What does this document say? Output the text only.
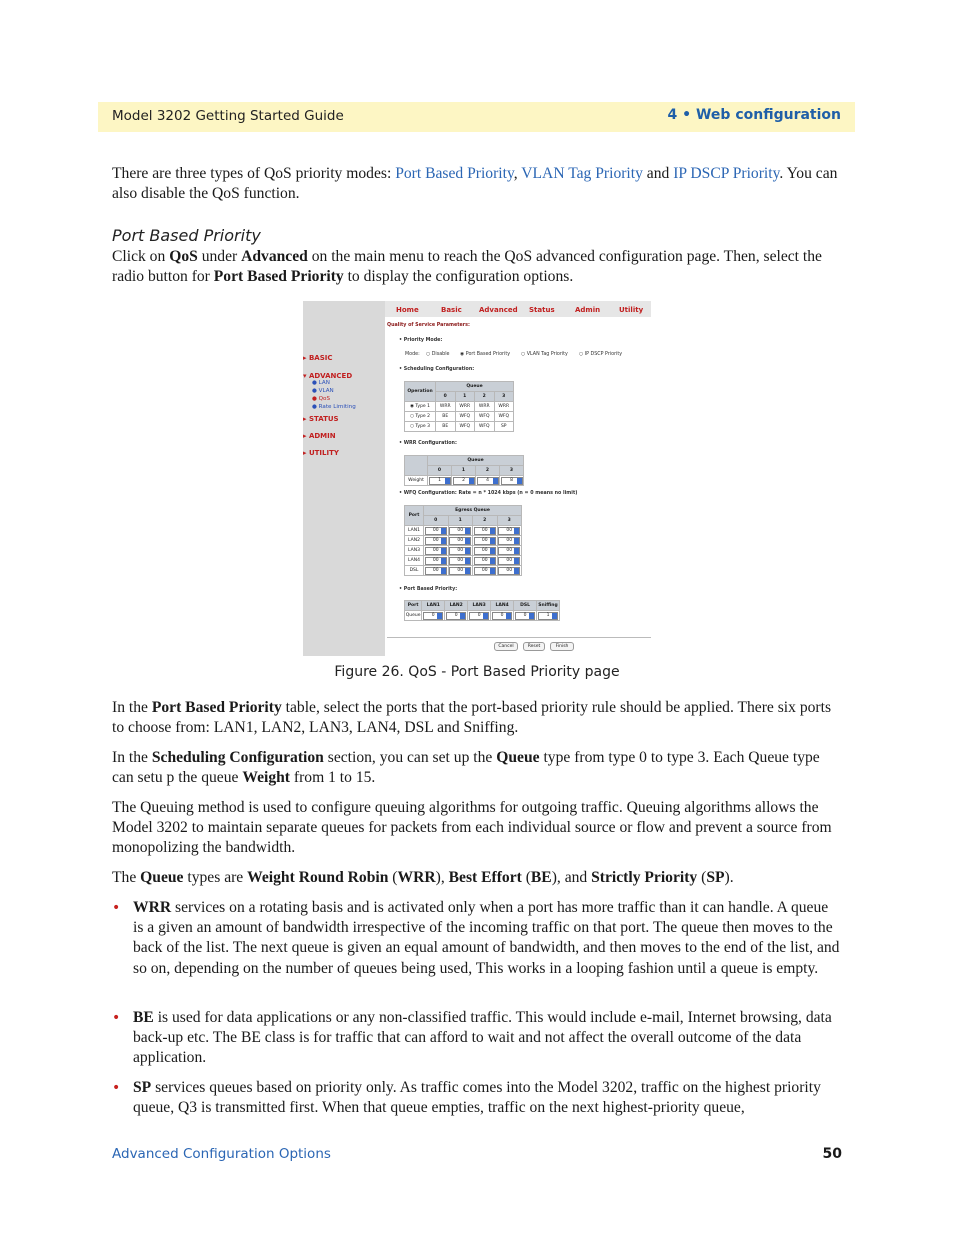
Model 3202 Getting Started Guide	4 • Web configuration

There are three types of QoS priority modes: Port Based Priority, VLAN Tag Priority and IP DSCP Priority. You can also disable the QoS function.

Port Based Priority

Click on QoS under Advanced on the main menu to reach the QoS advanced configuration page. Then, select the radio button for Port Based Priority to display the configuration options.

▸ BASIC
▾ ADVANCED
● LAN
● VLAN
● QoS
● Rate Limiting
▸ STATUS
▸ ADMIN
▸ UTILITY
Home	Basic Advanced Status	Admin	Utility
Quality of Service Parameters:
• Priority Mode:
Mode: ○ Disable ◉ Port Based Priority ○ VLAN Tag Priority ○ IP DSCP Priority
• Scheduling Configuration:
Operation	Queue			
	0	1	2	3
◉ Type 1	WRR	WRR	WRR	WRR
○ Type 2	BE	WFQ	WFQ	WFQ
○ Type 3	BE	WFQ	WFQ	SP
• WRR Configuration:
	Queue			
	0	1	2	3
Weight	1	2	4	8
• WFQ Configuration: Rate = n * 1024 kbps (n = 0 means no limit)
Port	Egress Queue			
	0	1	2	3
LAN1	00	00	00	00

LAN2	00	00	00	00

LAN3	00	00	00	00

LAN4	00	00	00	00

DSL	00	00	00	00
• Port Based Priority:
Port	LAN1	LAN2	LAN3	LAN4	DSL	Sniffing
Queue	0	0	0	0	0	1
Cancel	Reset	Finish
Figure 26. QoS - Port Based Priority page

In the Port Based Priority table, select the ports that the port-based priority rule should be applied. There six ports to choose from: LAN1, LAN2, LAN3, LAN4, DSL and Sniffing.

In the Scheduling Configuration section, you can set up the Queue type from type 0 to type 3. Each Queue type can setu p the queue Weight from 1 to 15.

The Queuing method is used to configure queuing algorithms for outgoing traffic. Queuing algorithms allows the Model 3202 to maintain separate queues for packets from each individual source or flow and prevent a source from monopolizing the bandwidth.

The Queue types are Weight Round Robin (WRR), Best Effort (BE), and Strictly Priority (SP).

• WRR services on a rotating basis and is activated only when a port has more traffic than it can handle. A queue is a given an amount of bandwidth irrespective of the incoming traffic on that port. The queue then moves to the back of the list. The next queue is given an equal amount of bandwidth, and then moves to the end of the list, and so on, depending on the number of queues being used, This works in a looping fashion until a queue is empty.
• BE is used for data applications or any non-classified traffic. This would include e-mail, Internet browsing, data back-up etc. The BE class is for traffic that can afford to wait and not affect the overall outcome of the data application.
• SP services queues based on priority only. As traffic comes into the Model 3202, traffic on the highest priority queue, Q3 is transmitted first. When that queue empties, traffic on the next highest-priority queue,
Advanced Configuration Options	50
